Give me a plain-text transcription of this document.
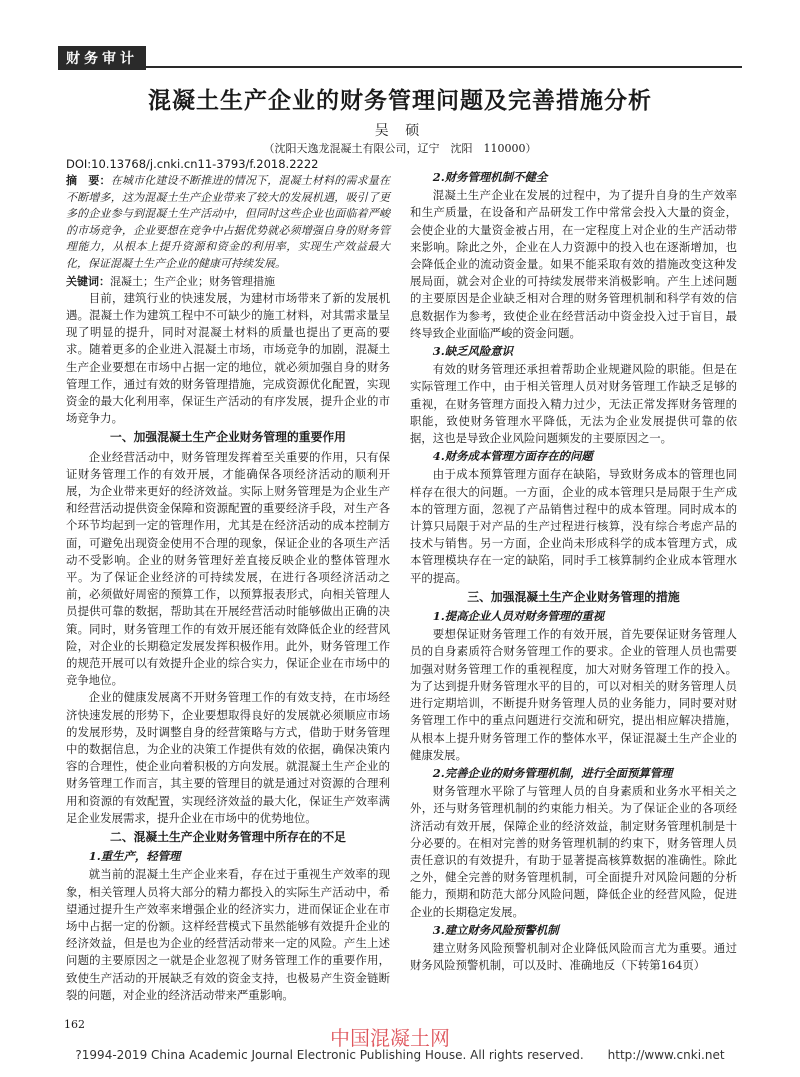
财务审计
混凝土生产企业的财务管理问题及完善措施分析
吴 硕
（沈阳天逸龙混凝土有限公司，辽宁　沈阳　110000）
DOI:10.13768/j.cnki.cn11-3793/f.2018.2222

摘　要：在城市化建设不断推进的情况下，混凝土材料的需求量在不断增多，这为混凝土生产企业带来了较大的发展机遇，吸引了更多的企业参与到混凝土生产活动中，但同时这些企业也面临着严峻的市场竞争，企业要想在竞争中占据优势就必须增强自身的财务管理能力，从根本上提升资源和资金的利用率，实现生产效益最大化，保证混凝土生产企业的健康可持续发展。

关键词：混凝土；生产企业；财务管理措施

目前，建筑行业的快速发展，为建材市场带来了新的发展机遇。混凝土作为建筑工程中不可缺少的施工材料，对其需求量呈现了明显的提升，同时对混凝土材料的质量也提出了更高的要求。随着更多的企业进入混凝土市场，市场竞争的加剧，混凝土生产企业要想在市场中占据一定的地位，就必须加强自身的财务管理工作，通过有效的财务管理措施，完成资源优化配置，实现资金的最大化利用率，保证生产活动的有序发展，提升企业的市场竞争力。

一、加强混凝土生产企业财务管理的重要作用

企业经营活动中，财务管理发挥着至关重要的作用，只有保证财务管理工作的有效开展，才能确保各项经济活动的顺利开展，为企业带来更好的经济效益。实际上财务管理是为企业生产和经营活动提供资金保障和资源配置的重要经济手段，对生产各个环节均起到一定的管理作用，尤其是在经济活动的成本控制方面，可避免出现资金使用不合理的现象，保证企业的各项生产活动不受影响。企业的财务管理好差直接反映企业的整体管理水平。为了保证企业经济的可持续发展，在进行各项经济活动之前，必须做好周密的预算工作，以预算报表形式，向相关管理人员提供可靠的数据，帮助其在开展经营活动时能够做出正确的决策。同时，财务管理工作的有效开展还能有效降低企业的经营风险，对企业的长期稳定发展发挥积极作用。此外，财务管理工作的规范开展可以有效提升企业的综合实力，保证企业在市场中的竞争地位。

企业的健康发展离不开财务管理工作的有效支持，在市场经济快速发展的形势下，企业要想取得良好的发展就必须顺应市场的发展形势，及时调整自身的经营策略与方式，借助于财务管理中的数据信息，为企业的决策工作提供有效的依据，确保决策内容的合理性，使企业向着积极的方向发展。就混凝土生产企业的财务管理工作而言，其主要的管理目的就是通过对资源的合理利用和资源的有效配置，实现经济效益的最大化，保证生产效率满足企业发展需求，提升企业在市场中的优势地位。

二、混凝土生产企业财务管理中所存在的不足
1.重生产，轻管理

就当前的混凝土生产企业来看，存在过于重视生产效率的现象，相关管理人员将大部分的精力都投入的实际生产活动中，希望通过提升生产效率来增强企业的经济实力，进而保证企业在市场中占据一定的份额。这样经营模式下虽然能够有效提升企业的经济效益，但是也为企业的经营活动带来一定的风险。产生上述问题的主要原因之一就是企业忽视了财务管理工作的重要作用，致使生产活动的开展缺乏有效的资金支持，也极易产生资金链断裂的问题，对企业的经济活动带来严重影响。

2.财务管理机制不健全

混凝土生产企业在发展的过程中，为了提升自身的生产效率和生产质量，在设备和产品研发工作中常常会投入大量的资金，会使企业的大量资金被占用，在一定程度上对企业的生产活动带来影响。除此之外，企业在人力资源中的投入也在逐渐增加，也会降低企业的流动资金量。如果不能采取有效的措施改变这种发展局面，就会对企业的可持续发展带来消极影响。产生上述问题的主要原因是企业缺乏相对合理的财务管理机制和科学有效的信息数据作为参考，致使企业在经营活动中资金投入过于盲目，最终导致企业面临严峻的资金问题。

3.缺乏风险意识

有效的财务管理还承担着帮助企业规避风险的职能。但是在实际管理工作中，由于相关管理人员对财务管理工作缺乏足够的重视，在财务管理方面投入精力过少，无法正常发挥财务管理的职能，致使财务管理水平降低，无法为企业发展提供可靠的依据，这也是导致企业风险问题频发的主要原因之一。

4.财务成本管理方面存在的问题

由于成本预算管理方面存在缺陷，导致财务成本的管理也同样存在很大的问题。一方面，企业的成本管理只是局限于生产成本的管理方面，忽视了产品销售过程中的成本管理。同时成本的计算只局限于对产品的生产过程进行核算，没有综合考虑产品的技术与销售。另一方面，企业尚未形成科学的成本管理方式，成本管理模块存在一定的缺陷，同时手工核算制约企业成本管理水平的提高。

三、加强混凝土生产企业财务管理的措施
1.提高企业人员对财务管理的重视

要想保证财务管理工作的有效开展，首先要保证财务管理人员的自身素质符合财务管理工作的要求。企业的管理人员也需要加强对财务管理工作的重视程度，加大对财务管理工作的投入。为了达到提升财务管理水平的目的，可以对相关的财务管理人员进行定期培训，不断提升财务管理人员的业务能力，同时要对财务管理工作中的重点问题进行交流和研究，提出相应解决措施，从根本上提升财务管理工作的整体水平，保证混凝土生产企业的健康发展。

2.完善企业的财务管理机制，进行全面预算管理

财务管理水平除了与管理人员的自身素质和业务水平相关之外，还与财务管理机制的约束能力相关。为了保证企业的各项经济活动有效开展，保障企业的经济效益，制定财务管理机制是十分必要的。在相对完善的财务管理机制的约束下，财务管理人员责任意识的有效提升，有助于显著提高核算数据的准确性。除此之外，健全完善的财务管理机制，可全面提升对风险问题的分析能力，预期和防范大部分风险问题，降低企业的经营风险，促进企业的长期稳定发展。

3.建立财务风险预警机制

建立财务风险预警机制对企业降低风险而言尤为重要。通过财务风险预警机制，可以及时、准确地反（下转第164页）

162
中国混凝土网
?1994-2019 China Academic Journal Electronic Publishing House. All rights reserved.　　http://www.cnki.net
